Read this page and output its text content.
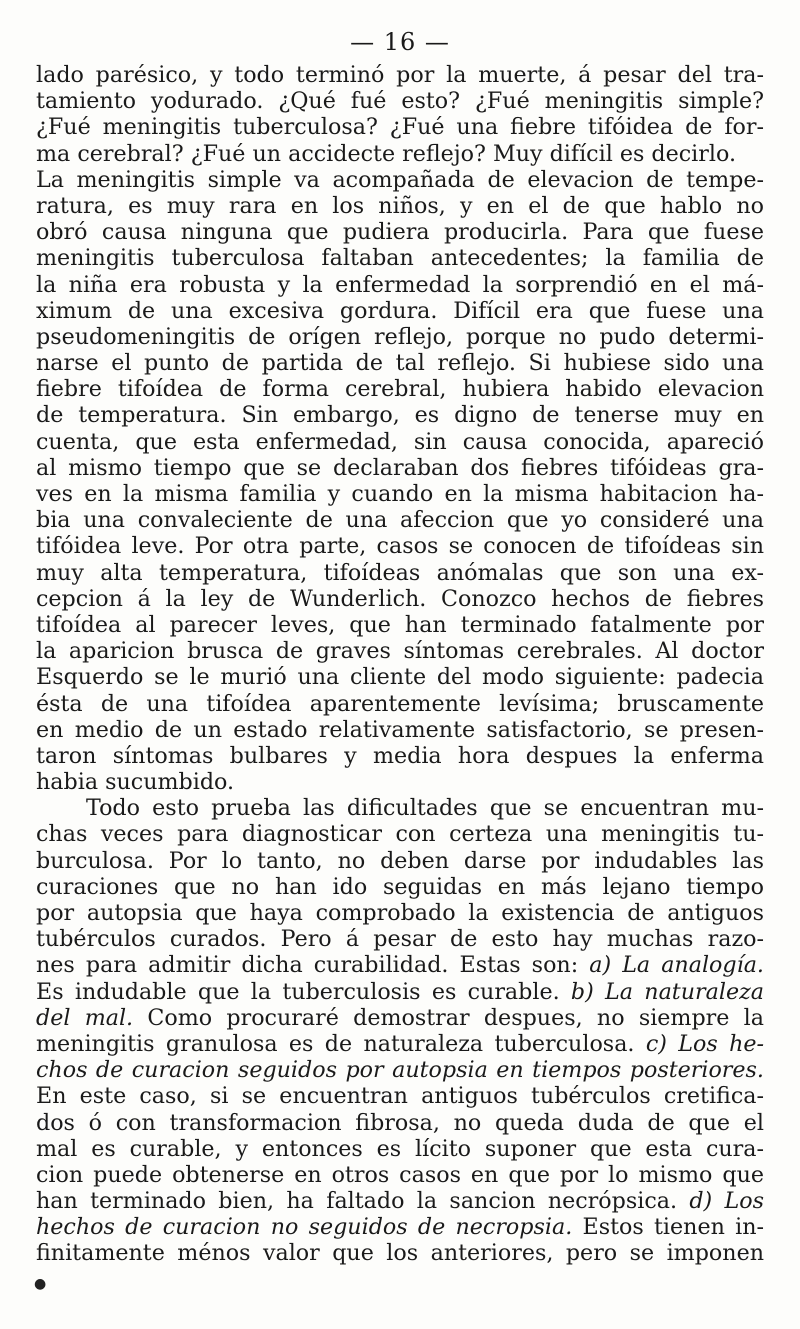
— 16 —
lado parésico, y todo terminó por la muerte, á pesar del tra-
tamiento yodurado. ¿Qué fué esto? ¿Fué meningitis simple?
¿Fué meningitis tuberculosa? ¿Fué una fiebre tifóidea de for-
ma cerebral? ¿Fué un accidecte reflejo? Muy difícil es decirlo.
La meningitis simple va acompañada de elevacion de tempe-
ratura, es muy rara en los niños, y en el de que hablo no
obró causa ninguna que pudiera producirla. Para que fuese
meningitis tuberculosa faltaban antecedentes; la familia de
la niña era robusta y la enfermedad la sorprendió en el má-
ximum de una excesiva gordura. Difícil era que fuese una
pseudomeningitis de orígen reflejo, porque no pudo determi-
narse el punto de partida de tal reflejo. Si hubiese sido una
fiebre tifoídea de forma cerebral, hubiera habido elevacion
de temperatura. Sin embargo, es digno de tenerse muy en
cuenta, que esta enfermedad, sin causa conocida, apareció
al mismo tiempo que se declaraban dos fiebres tifóideas gra-
ves en la misma familia y cuando en la misma habitacion ha-
bia una convaleciente de una afeccion que yo consideré una
tifóidea leve. Por otra parte, casos se conocen de tifoídeas sin
muy alta temperatura, tifoídeas anómalas que son una ex-
cepcion á la ley de Wunderlich. Conozco hechos de fiebres
tifoídea al parecer leves, que han terminado fatalmente por
la aparicion brusca de graves síntomas cerebrales. Al doctor
Esquerdo se le murió una cliente del modo siguiente: padecia
ésta de una tifoídea aparentemente levísima; bruscamente
en medio de un estado relativamente satisfactorio, se presen-
taron síntomas bulbares y media hora despues la enferma
habia sucumbido.
Todo esto prueba las dificultades que se encuentran mu-
chas veces para diagnosticar con certeza una meningitis tu-
burculosa. Por lo tanto, no deben darse por indudables las
curaciones que no han ido seguidas en más lejano tiempo
por autopsia que haya comprobado la existencia de antiguos
tubérculos curados. Pero á pesar de esto hay muchas razo-
nes para admitir dicha curabilidad. Estas son: a) La analogía.
Es indudable que la tuberculosis es curable. b) La naturaleza
del mal. Como procuraré demostrar despues, no siempre la
meningitis granulosa es de naturaleza tuberculosa. c) Los he-
chos de curacion seguidos por autopsia en tiempos posteriores.
En este caso, si se encuentran antiguos tubérculos cretifica-
dos ó con transformacion fibrosa, no queda duda de que el
mal es curable, y entonces es lícito suponer que esta cura-
cion puede obtenerse en otros casos en que por lo mismo que
han terminado bien, ha faltado la sancion necrópsica. d) Los
hechos de curacion no seguidos de necropsia. Estos tienen in-
finitamente ménos valor que los anteriores, pero se imponen
●
